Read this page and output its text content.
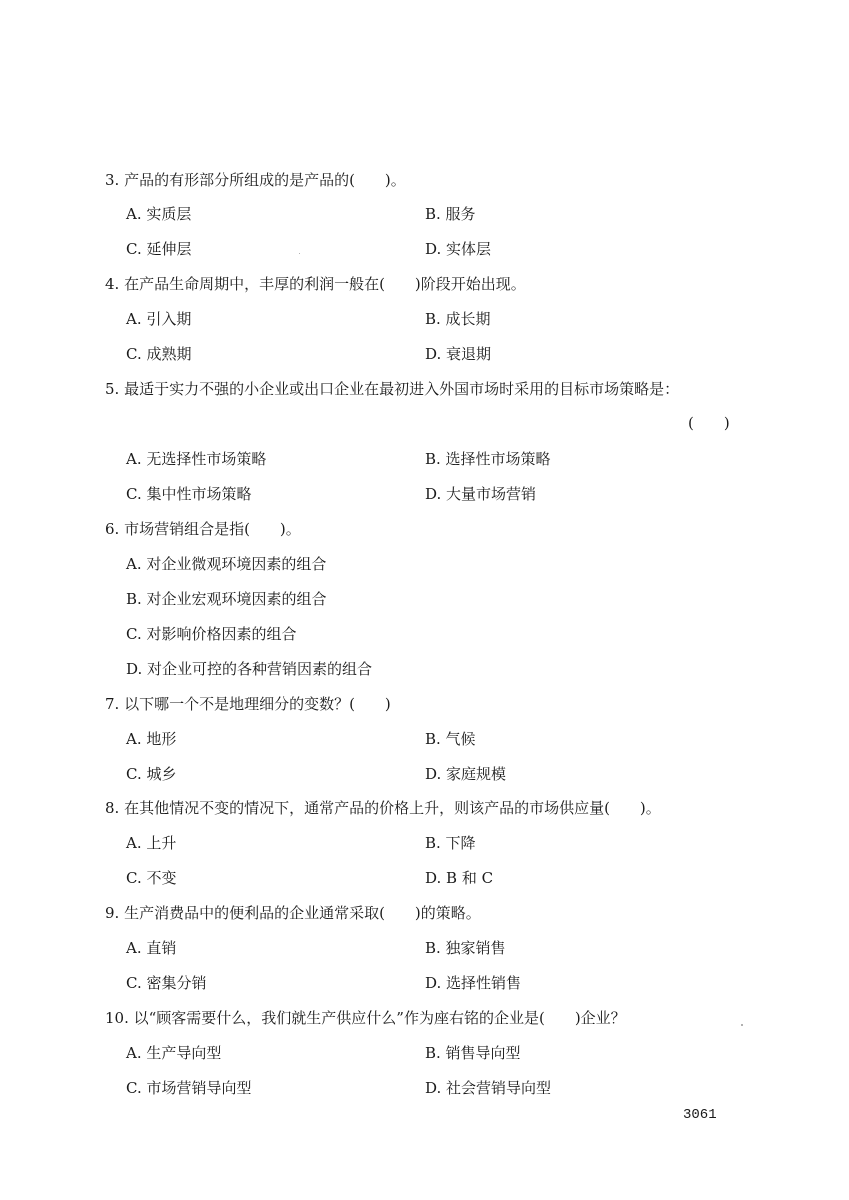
3. 产品的有形部分所组成的是产品的(　　)。
A. 实质层	B. 服务
C. 延伸层	D. 实体层
4. 在产品生命周期中，丰厚的利润一般在(　　)阶段开始出现。
A. 引入期	B. 成长期
C. 成熟期	D. 衰退期
5. 最适于实力不强的小企业或出口企业在最初进入外国市场时采用的目标市场策略是：
(　　)
A. 无选择性市场策略	B. 选择性市场策略
C. 集中性市场策略	D. 大量市场营销
6. 市场营销组合是指(　　)。
A. 对企业微观环境因素的组合
B. 对企业宏观环境因素的组合
C. 对影响价格因素的组合
D. 对企业可控的各种营销因素的组合
7. 以下哪一个不是地理细分的变数？(　　)
A. 地形	B. 气候
C. 城乡	D. 家庭规模
8. 在其他情况不变的情况下，通常产品的价格上升，则该产品的市场供应量(　　)。
A. 上升	B. 下降
C. 不变	D. B 和 C
9. 生产消费品中的便利品的企业通常采取(　　)的策略。
A. 直销	B. 独家销售
C. 密集分销	D. 选择性销售
10. 以“顾客需要什么，我们就生产供应什么”作为座右铭的企业是(　　)企业？
A. 生产导向型	B. 销售导向型
C. 市场营销导向型	D. 社会营销导向型
3061
